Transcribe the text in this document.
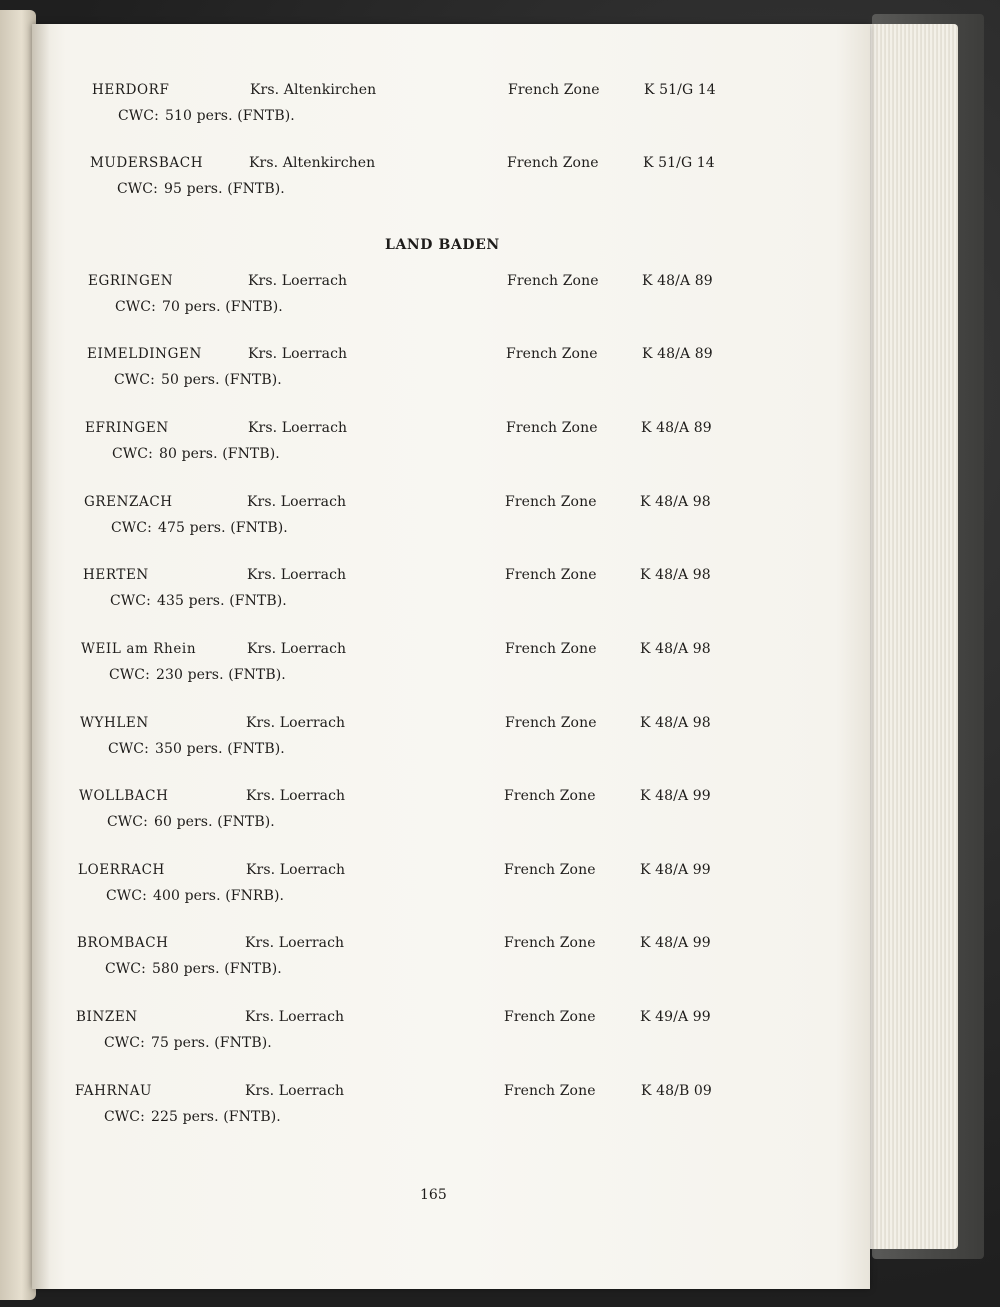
LAND BADEN
HERDORF	Krs. Altenkirchen	French Zone	K 51/G 14
CWC: 510 pers. (FNTB).
MUDERSBACH	Krs. Altenkirchen	French Zone	K 51/G 14
CWC: 95 pers. (FNTB).
EGRINGEN	Krs. Loerrach	French Zone	K 48/A 89
CWC: 70 pers. (FNTB).
EIMELDINGEN	Krs. Loerrach	French Zone	K 48/A 89
CWC: 50 pers. (FNTB).
EFRINGEN	Krs. Loerrach	French Zone	K 48/A 89
CWC: 80 pers. (FNTB).
GRENZACH	Krs. Loerrach	French Zone	K 48/A 98
CWC: 475 pers. (FNTB).
HERTEN	Krs. Loerrach	French Zone	K 48/A 98
CWC: 435 pers. (FNTB).
WEIL am Rhein	Krs. Loerrach	French Zone	K 48/A 98
CWC: 230 pers. (FNTB).
WYHLEN	Krs. Loerrach	French Zone	K 48/A 98
CWC: 350 pers. (FNTB).
WOLLBACH	Krs. Loerrach	French Zone	K 48/A 99
CWC: 60 pers. (FNTB).
LOERRACH	Krs. Loerrach	French Zone	K 48/A 99
CWC: 400 pers. (FNRB).
BROMBACH	Krs. Loerrach	French Zone	K 48/A 99
CWC: 580 pers. (FNTB).
BINZEN	Krs. Loerrach	French Zone	K 49/A 99
CWC: 75 pers. (FNTB).
FAHRNAU	Krs. Loerrach	French Zone	K 48/B 09
CWC: 225 pers. (FNTB).
165
